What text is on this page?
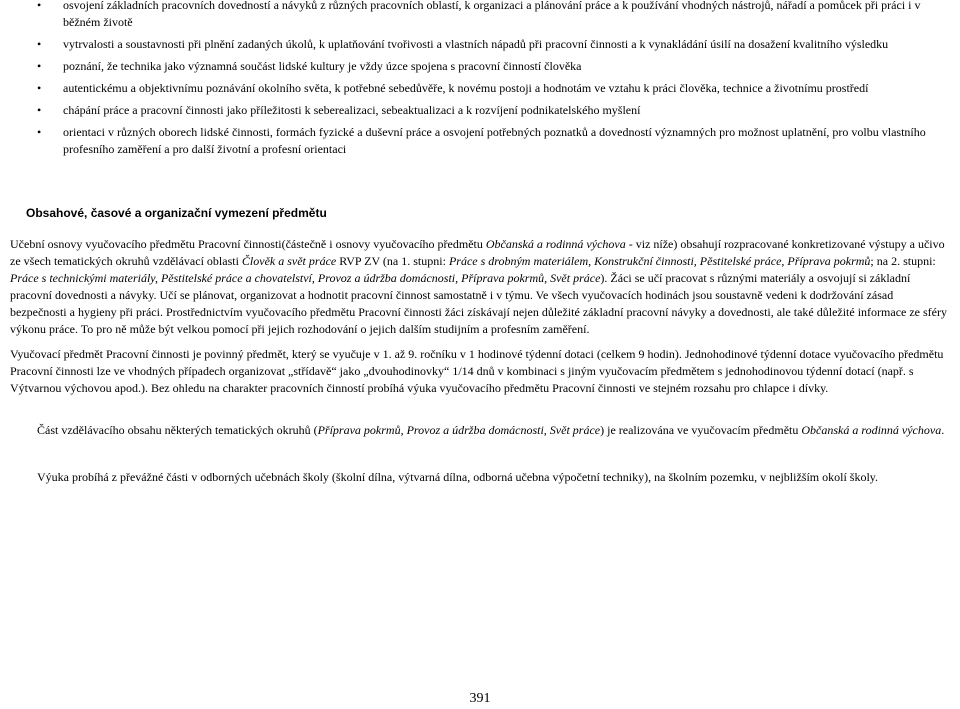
• osvojení základních pracovních dovedností a návyků z různých pracovních oblastí, k organizaci a plánování práce a k používání vhodných nástrojů, nářadí a pomůcek při práci i v běžném životě
• vytrvalosti a soustavnosti při plnění zadaných úkolů, k uplatňování tvořivosti a vlastních nápadů při pracovní činnosti a k vynakládání úsilí na dosažení kvalitního výsledku
• poznání, že technika jako významná součást lidské kultury je vždy úzce spojena s pracovní činností člověka
• autentickému a objektivnímu poznávání okolního světa, k potřebné sebedůvěře, k novému postoji a hodnotám ve vztahu k práci člověka, technice a životnímu prostředí
• chápání práce a pracovní činnosti jako příležitosti k seberealizaci, sebeaktualizaci a k rozvíjení podnikatelského myšlení
• orientaci v různých oborech lidské činnosti, formách fyzické a duševní práce a osvojení potřebných poznatků a dovedností významných pro možnost uplatnění, pro volbu vlastního profesního zaměření a pro další životní a profesní orientaci
Obsahové, časové a organizační vymezení předmětu

Učební osnovy vyučovacího předmětu Pracovní činnosti(částečně i osnovy vyučovacího předmětu Občanská a rodinná výchova - viz níže) obsahují rozpracované konkretizované výstupy a učivo ze všech tematických okruhů vzdělávací oblasti Člověk a svět práce RVP ZV (na 1. stupni: Práce s drobným materiálem, Konstrukční činnosti, Pěstitelské práce, Příprava pokrmů; na 2. stupni: Práce s technickými materiály, Pěstitelské práce a chovatelství, Provoz a údržba domácnosti, Příprava pokrmů, Svět práce). Žáci se učí pracovat s různými materiály a osvojují si základní pracovní dovednosti a návyky. Učí se plánovat, organizovat a hodnotit pracovní činnost samostatně i v týmu. Ve všech vyučovacích hodinách jsou soustavně vedeni k dodržování zásad bezpečnosti a hygieny při práci. Prostřednictvím vyučovacího předmětu Pracovní činnosti žáci získávají nejen důležité základní pracovní návyky a dovednosti, ale také důležité informace ze sféry výkonu práce. To pro ně může být velkou pomocí při jejich rozhodování o jejich dalším studijním a profesním zaměření.

Vyučovací předmět Pracovní činnosti je povinný předmět, který se vyučuje v 1. až 9. ročníku v 1 hodinové týdenní dotaci (celkem 9 hodin). Jednohodinové týdenní dotace vyučovacího předmětu Pracovní činnosti lze ve vhodných případech organizovat „střídavě“ jako „dvouhodinovky“ 1/14 dnů v kombinaci s jiným vyučovacím předmětem s jednohodinovou týdenní dotací (např. s Výtvarnou výchovou apod.). Bez ohledu na charakter pracovních činností probíhá výuka vyučovacího předmětu Pracovní činnosti ve stejném rozsahu pro chlapce i dívky.

Část vzdělávacího obsahu některých tematických okruhů (Příprava pokrmů, Provoz a údržba domácnosti, Svět práce) je realizována ve vyučovacím předmětu Občanská a rodinná výchova.

Výuka probíhá z převážné části v odborných učebnách školy (školní dílna, výtvarná dílna, odborná učebna výpočetní techniky), na školním pozemku, v nejbližším okolí školy.

391
